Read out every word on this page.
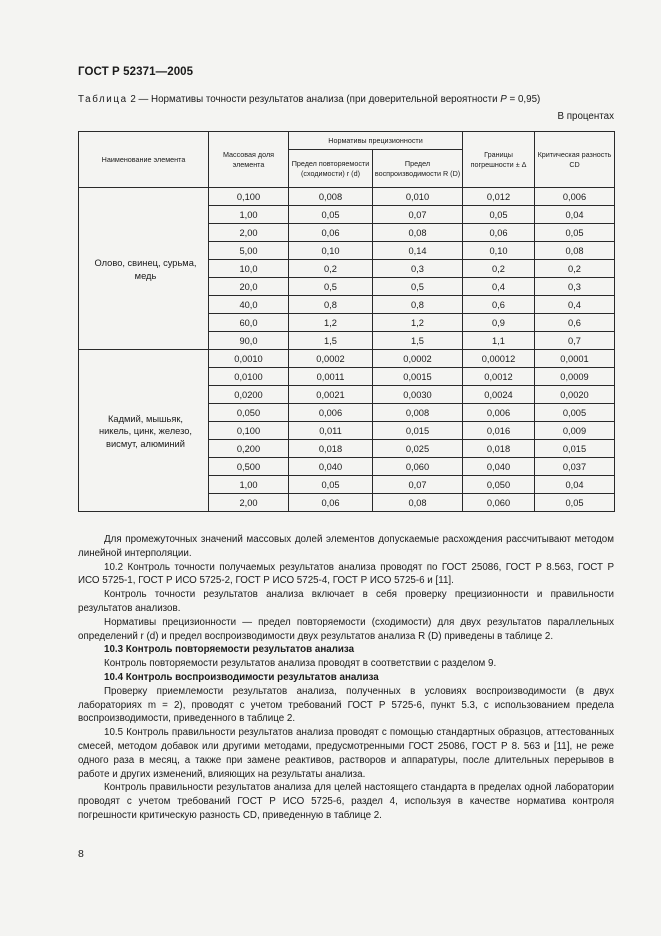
ГОСТ Р 52371—2005
Таблица 2 — Нормативы точности результатов анализа (при доверительной вероятности P = 0,95)
В процентах
Наименование элемента	Массовая доля элемента	Нормативы прецизионности		Границы погрешности ± Δ	Критическая разность CD
		Предел повторяемости (сходимости) r (d)	Предел воспроизводимости R (D)		
Олово, свинец, сурьма, медь	0,100	0,008	0,010	0,012	0,006
	1,00	0,05	0,07	0,05	0,04
	2,00	0,06	0,08	0,06	0,05
	5,00	0,10	0,14	0,10	0,08
	10,0	0,2	0,3	0,2	0,2
	20,0	0,5	0,5	0,4	0,3
	40,0	0,8	0,8	0,6	0,4
	60,0	1,2	1,2	0,9	0,6
	90,0	1,5	1,5	1,1	0,7
Кадмий, мышьяк, никель, цинк, железо, висмут, алюминий	0,0010	0,0002	0,0002	0,00012	0,0001
	0,0100	0,0011	0,0015	0,0012	0,0009
	0,0200	0,0021	0,0030	0,0024	0,0020
	0,050	0,006	0,008	0,006	0,005
	0,100	0,011	0,015	0,016	0,009
	0,200	0,018	0,025	0,018	0,015
	0,500	0,040	0,060	0,040	0,037
	1,00	0,05	0,07	0,050	0,04
	2,00	0,06	0,08	0,060	0,05

Для промежуточных значений массовых долей элементов допускаемые расхождения рассчитывают методом линейной интерполяции.

10.2 Контроль точности получаемых результатов анализа проводят по ГОСТ 25086, ГОСТ Р 8.563, ГОСТ Р ИСО 5725-1, ГОСТ Р ИСО 5725-2, ГОСТ Р ИСО 5725-4, ГОСТ Р ИСО 5725-6 и [11].

Контроль точности результатов анализа включает в себя проверку прецизионности и правильности результатов анализов.

Нормативы прецизионности — предел повторяемости (сходимости) для двух результатов параллельных определений r (d) и предел воспроизводимости двух результатов анализа R (D) приведены в таблице 2.

10.3 Контроль повторяемости результатов анализа

Контроль повторяемости результатов анализа проводят в соответствии с разделом 9.

10.4 Контроль воспроизводимости результатов анализа

Проверку приемлемости результатов анализа, полученных в условиях воспроизводимости (в двух лабораториях m = 2), проводят с учетом требований ГОСТ Р 5725-6, пункт 5.3, с использованием предела воспроизводимости, приведенного в таблице 2.

10.5 Контроль правильности результатов анализа проводят с помощью стандартных образцов, аттестованных смесей, методом добавок или другими методами, предусмотренными ГОСТ 25086, ГОСТ Р 8. 563 и [11], не реже одного раза в месяц, а также при замене реактивов, растворов и аппаратуры, после длительных перерывов в работе и других изменений, влияющих на результаты анализа.

Контроль правильности результатов анализа для целей настоящего стандарта в пределах одной лаборатории проводят с учетом требований ГОСТ Р ИСО 5725-6, раздел 4, используя в качестве норматива контроля погрешности критическую разность CD, приведенную в таблице 2.

8
